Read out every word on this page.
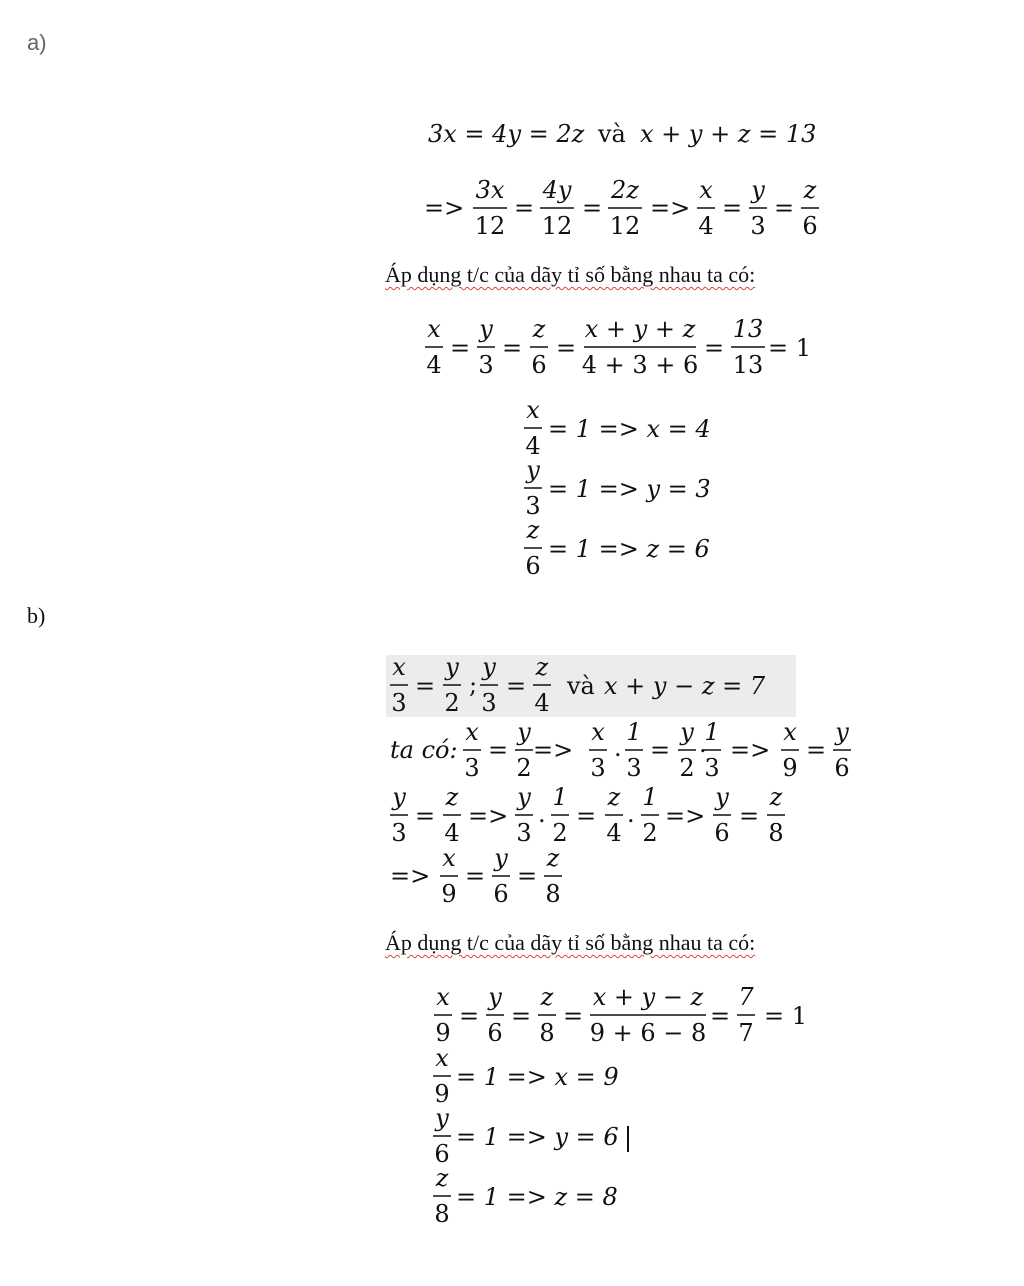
a)
Áp dụng t/c của dãy tỉ số bằng nhau ta có:
b)
Áp dụng t/c của dãy tỉ số bằng nhau ta có:
3x = 4y = 2z và x + y + z = 13
=>
3x
12
4y
12
2z
12
= = =>
x
4
y
3
z
6
= =
x
4
y
3
z
6
x + y + z
4 + 3 + 6
13
13
= = =	= = 1
x
4
= 1 => x = 4
y
3
= 1 => y = 3
z
6
= 1 => z = 6
x
3
=
y
2
;
y
3
=
z
4
và x + y − z = 7
ta có:
x
3
=
y
2
=>
x
3
.
1
3
=
y
2
.
1
3
=>
x
9
=
y
6
y
3
=
z
4
=>
y
3
.
1
2
=
z
4
.
1
2
=>
y
6
=
z
8
=>
x
9
y
6
z
8
= =
x
9
y
6
z
8
x + y − z
9 + 6 − 8
7
7
= = =	= = 1
x
9
= 1 => x = 9
y
6
= 1 => y = 6
z
8
= 1 => z = 8
